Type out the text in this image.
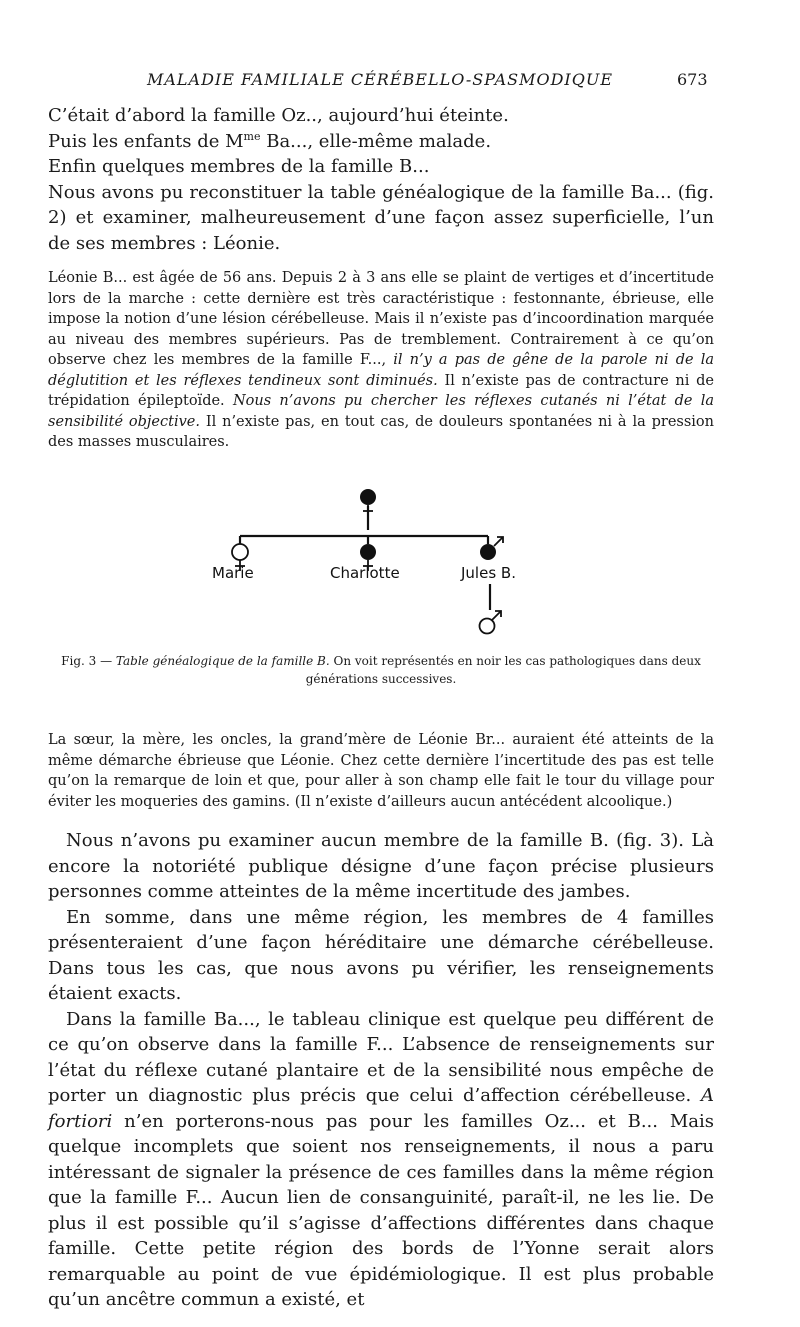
MALADIE FAMILIALE CÉRÉBELLO-SPASMODIQUE	673

C’était d’abord la famille Oz.., aujourd’hui éteinte.

Puis les enfants de $M^{me}$ Ba..., elle-même malade.

Enfin quelques membres de la famille B...

Nous avons pu reconstituer la table généalogique de la famille Ba... (fig. 2) et examiner, malheureusement d’une façon assez superficielle, l’un de ses membres : Léonie.

Léonie B... est âgée de 56 ans. Depuis 2 à 3 ans elle se plaint de vertiges et d’incertitude lors de la marche : cette dernière est très caractéristique : festonnante, ébrieuse, elle impose la notion d’une lésion cérébelleuse. Mais il n’existe pas d’incoordination marquée au niveau des membres supérieurs. Pas de tremblement. Contrairement à ce qu’on observe chez les membres de la famille F..., il n’y a pas de gêne de la parole ni de la déglutition et les réflexes tendineux sont diminués. Il n’existe pas de contracture ni de trépidation épileptoïde. Nous n’avons pu chercher les réflexes cutanés ni l’état de la sensibilité objective. Il n’existe pas, en tout cas, de douleurs spontanées ni à la pression des masses musculaires.

Marie	Charlotte	Jules B.
Fig. 3 — Table généalogique de la famille B. On voit représentés en noir les cas pathologiques dans deux générations successives.

La sœur, la mère, les oncles, la grand’mère de Léonie Br... auraient été atteints de la même démarche ébrieuse que Léonie. Chez cette dernière l’incertitude des pas est telle qu’on la remarque de loin et que, pour aller à son champ elle fait le tour du village pour éviter les moqueries des gamins. (Il n’existe d’ailleurs aucun antécédent alcoolique.)

Nous n’avons pu examiner aucun membre de la famille B. (fig. 3). Là encore la notoriété publique désigne d’une façon précise plusieurs personnes comme atteintes de la même incertitude des jambes.

En somme, dans une même région, les membres de 4 familles présenteraient d’une façon héréditaire une démarche cérébelleuse. Dans tous les cas, que nous avons pu vérifier, les renseignements étaient exacts.

Dans la famille Ba..., le tableau clinique est quelque peu différent de ce qu’on observe dans la famille F... L’absence de renseignements sur l’état du réflexe cutané plantaire et de la sensibilité nous empêche de porter un diagnostic plus précis que celui d’affection cérébelleuse. A fortiori n’en porterons-nous pas pour les familles Oz... et B... Mais quelque incomplets que soient nos renseignements, il nous a paru intéressant de signaler la présence de ces familles dans la même région que la famille F... Aucun lien de consanguinité, paraît-il, ne les lie. De plus il est possible qu’il s’agisse d’affections différentes dans chaque famille. Cette petite région des bords de l’Yonne serait alors remarquable au point de vue épidémiologique. Il est plus probable qu’un ancêtre commun a existé, et
